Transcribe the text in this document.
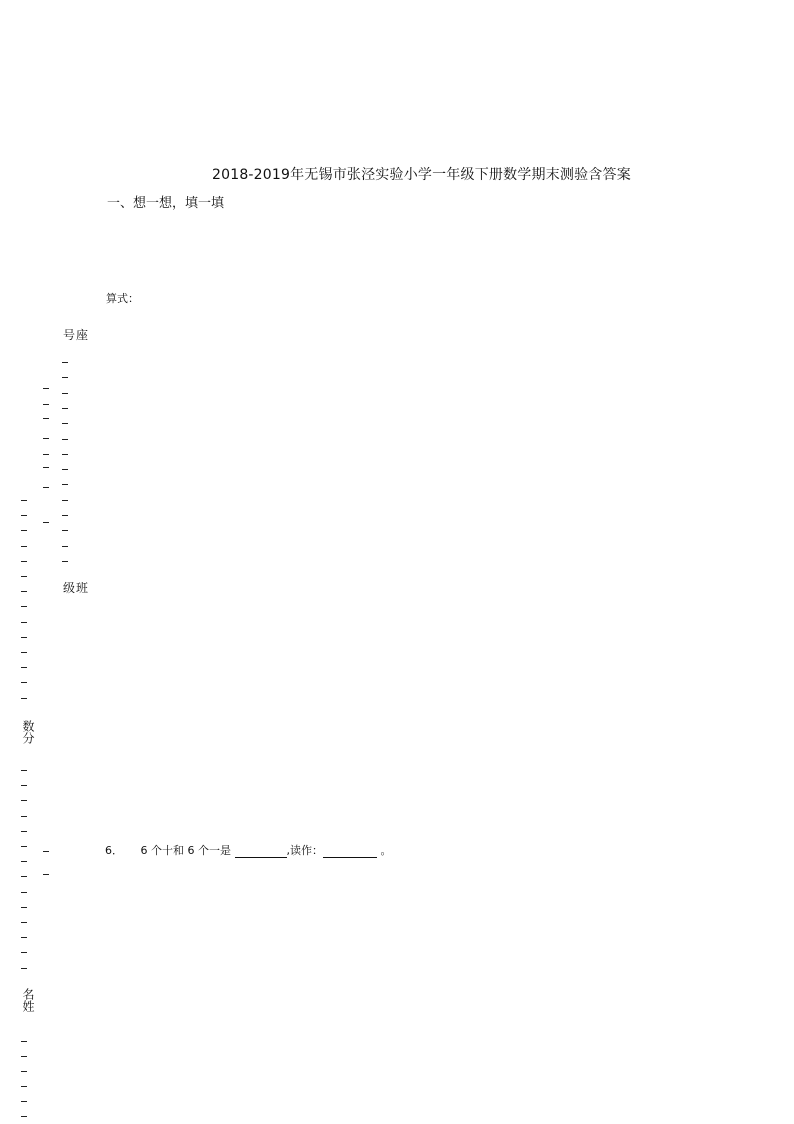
2018-2019年无锡市张泾实验小学一年级下册数学期末测验含答案
一、想一想，填一填
算式：
号座
级班
数分
名姓
6． 6 个十和 6 个一是	,读作：	。
